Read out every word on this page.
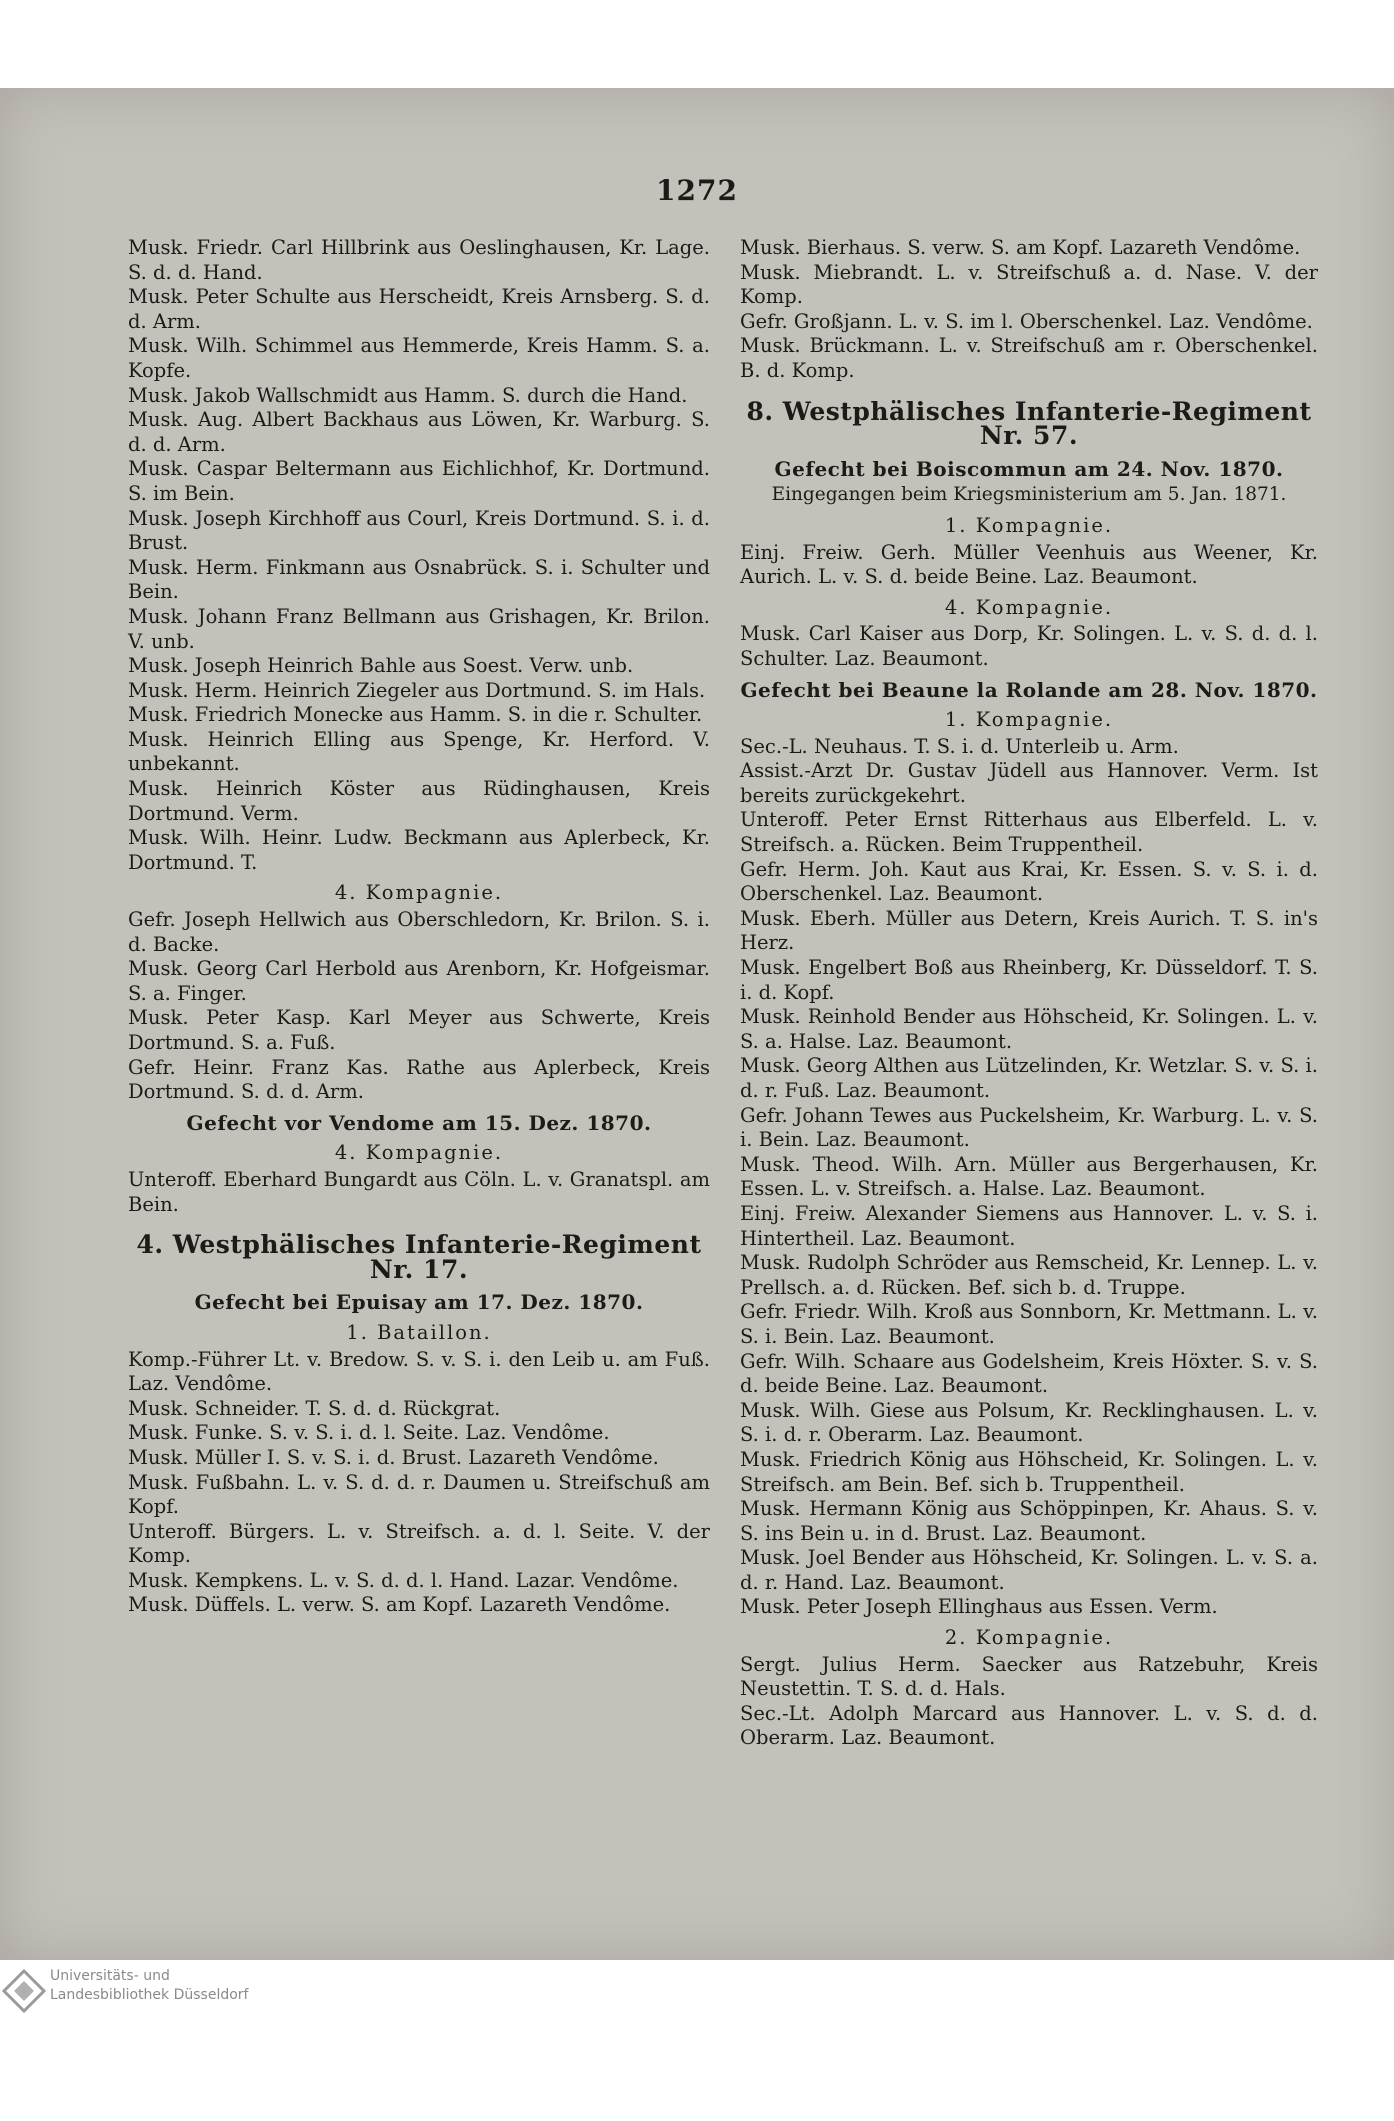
1272
Musk. Friedr. Carl Hillbrink aus Oeslinghausen, Kr. Lage. S. d. d. Hand.
Musk. Peter Schulte aus Herscheidt, Kreis Arnsberg. S. d. d. Arm.
Musk. Wilh. Schimmel aus Hemmerde, Kreis Hamm. S. a. Kopfe.
Musk. Jakob Wallschmidt aus Hamm. S. durch die Hand.
Musk. Aug. Albert Backhaus aus Löwen, Kr. Warburg. S. d. d. Arm.
Musk. Caspar Beltermann aus Eichlichhof, Kr. Dortmund. S. im Bein.
Musk. Joseph Kirchhoff aus Courl, Kreis Dortmund. S. i. d. Brust.
Musk. Herm. Finkmann aus Osnabrück. S. i. Schulter und Bein.
Musk. Johann Franz Bellmann aus Grishagen, Kr. Brilon. V. unb.
Musk. Joseph Heinrich Bahle aus Soest. Verw. unb.
Musk. Herm. Heinrich Ziegeler aus Dortmund. S. im Hals.
Musk. Friedrich Monecke aus Hamm. S. in die r. Schulter.
Musk. Heinrich Elling aus Spenge, Kr. Herford. V. unbekannt.
Musk. Heinrich Köster aus Rüdinghausen, Kreis Dortmund. Verm.
Musk. Wilh. Heinr. Ludw. Beckmann aus Aplerbeck, Kr. Dortmund. T.
4. Kompagnie.
Gefr. Joseph Hellwich aus Oberschledorn, Kr. Brilon. S. i. d. Backe.
Musk. Georg Carl Herbold aus Arenborn, Kr. Hofgeismar. S. a. Finger.
Musk. Peter Kasp. Karl Meyer aus Schwerte, Kreis Dortmund. S. a. Fuß.
Gefr. Heinr. Franz Kas. Rathe aus Aplerbeck, Kreis Dortmund. S. d. d. Arm.
Gefecht vor Vendome am 15. Dez. 1870.
4. Kompagnie.
Unteroff. Eberhard Bungardt aus Cöln. L. v. Granatspl. am Bein.
4. Westphälisches Infanterie-Regiment Nr. 17.
Gefecht bei Epuisay am 17. Dez. 1870.
1. Bataillon.
Komp.-Führer Lt. v. Bredow. S. v. S. i. den Leib u. am Fuß. Laz. Vendôme.
Musk. Schneider. T. S. d. d. Rückgrat.
Musk. Funke. S. v. S. i. d. l. Seite. Laz. Vendôme.
Musk. Müller I. S. v. S. i. d. Brust. Lazareth Vendôme.
Musk. Fußbahn. L. v. S. d. d. r. Daumen u. Streifschuß am Kopf.
Unteroff. Bürgers. L. v. Streifsch. a. d. l. Seite. V. der Komp.
Musk. Kempkens. L. v. S. d. d. l. Hand. Lazar. Vendôme.
Musk. Düffels. L. verw. S. am Kopf. Lazareth Vendôme.
Musk. Bierhaus. S. verw. S. am Kopf. Lazareth Vendôme.
Musk. Miebrandt. L. v. Streifschuß a. d. Nase. V. der Komp.
Gefr. Großjann. L. v. S. im l. Oberschenkel. Laz. Vendôme.
Musk. Brückmann. L. v. Streifschuß am r. Oberschenkel. B. d. Komp.
8. Westphälisches Infanterie-Regiment Nr. 57.
Gefecht bei Boiscommun am 24. Nov. 1870.
Eingegangen beim Kriegsministerium am 5. Jan. 1871.
1. Kompagnie.
Einj. Freiw. Gerh. Müller Veenhuis aus Weener, Kr. Aurich. L. v. S. d. beide Beine. Laz. Beaumont.
4. Kompagnie.
Musk. Carl Kaiser aus Dorp, Kr. Solingen. L. v. S. d. d. l. Schulter. Laz. Beaumont.
Gefecht bei Beaune la Rolande am 28. Nov. 1870.
1. Kompagnie.
Sec.-L. Neuhaus. T. S. i. d. Unterleib u. Arm.
Assist.-Arzt Dr. Gustav Jüdell aus Hannover. Verm. Ist bereits zurückgekehrt.
Unteroff. Peter Ernst Ritterhaus aus Elberfeld. L. v. Streifsch. a. Rücken. Beim Truppentheil.
Gefr. Herm. Joh. Kaut aus Krai, Kr. Essen. S. v. S. i. d. Oberschenkel. Laz. Beaumont.
Musk. Eberh. Müller aus Detern, Kreis Aurich. T. S. in's Herz.
Musk. Engelbert Boß aus Rheinberg, Kr. Düsseldorf. T. S. i. d. Kopf.
Musk. Reinhold Bender aus Höhscheid, Kr. Solingen. L. v. S. a. Halse. Laz. Beaumont.
Musk. Georg Althen aus Lützelinden, Kr. Wetzlar. S. v. S. i. d. r. Fuß. Laz. Beaumont.
Gefr. Johann Tewes aus Puckelsheim, Kr. Warburg. L. v. S. i. Bein. Laz. Beaumont.
Musk. Theod. Wilh. Arn. Müller aus Bergerhausen, Kr. Essen. L. v. Streifsch. a. Halse. Laz. Beaumont.
Einj. Freiw. Alexander Siemens aus Hannover. L. v. S. i. Hintertheil. Laz. Beaumont.
Musk. Rudolph Schröder aus Remscheid, Kr. Lennep. L. v. Prellsch. a. d. Rücken. Bef. sich b. d. Truppe.
Gefr. Friedr. Wilh. Kroß aus Sonnborn, Kr. Mettmann. L. v. S. i. Bein. Laz. Beaumont.
Gefr. Wilh. Schaare aus Godelsheim, Kreis Höxter. S. v. S. d. beide Beine. Laz. Beaumont.
Musk. Wilh. Giese aus Polsum, Kr. Recklinghausen. L. v. S. i. d. r. Oberarm. Laz. Beaumont.
Musk. Friedrich König aus Höhscheid, Kr. Solingen. L. v. Streifsch. am Bein. Bef. sich b. Truppentheil.
Musk. Hermann König aus Schöppinpen, Kr. Ahaus. S. v. S. ins Bein u. in d. Brust. Laz. Beaumont.
Musk. Joel Bender aus Höhscheid, Kr. Solingen. L. v. S. a. d. r. Hand. Laz. Beaumont.
Musk. Peter Joseph Ellinghaus aus Essen. Verm.
2. Kompagnie.
Sergt. Julius Herm. Saecker aus Ratzebuhr, Kreis Neustettin. T. S. d. d. Hals.
Sec.-Lt. Adolph Marcard aus Hannover. L. v. S. d. d. Oberarm. Laz. Beaumont.
Universitäts- und
Landesbibliothek Düsseldorf
